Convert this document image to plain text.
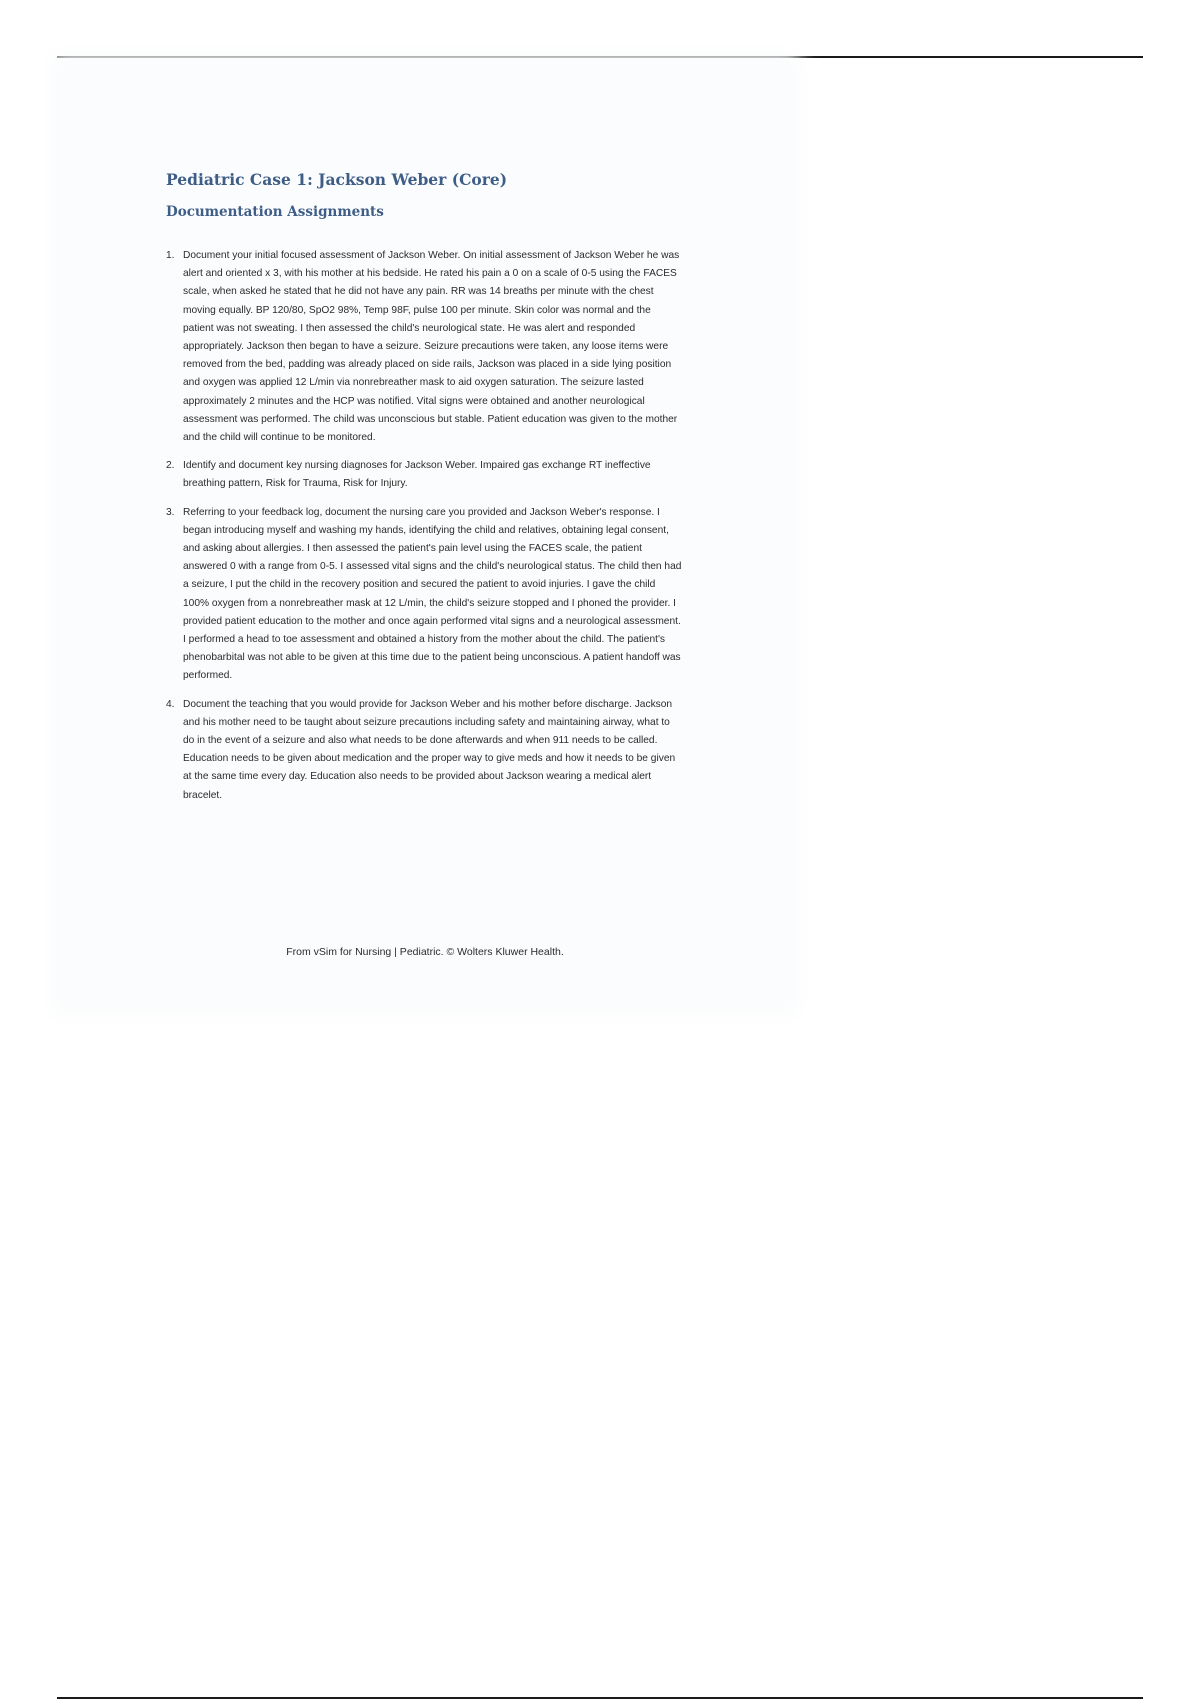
Pediatric Case 1: Jackson Weber (Core)
Documentation Assignments
1. Document your initial focused assessment of Jackson Weber. On initial assessment of Jackson Weber he was alert and oriented x 3, with his mother at his bedside. He rated his pain a 0 on a scale of 0-5 using the FACES scale, when asked he stated that he did not have any pain. RR was 14 breaths per minute with the chest moving equally. BP 120/80, SpO2 98%, Temp 98F, pulse 100 per minute. Skin color was normal and the patient was not sweating. I then assessed the child's neurological state. He was alert and responded appropriately. Jackson then began to have a seizure. Seizure precautions were taken, any loose items were removed from the bed, padding was already placed on side rails, Jackson was placed in a side lying position and oxygen was applied 12 L/min via nonrebreather mask to aid oxygen saturation. The seizure lasted approximately 2 minutes and the HCP was notified. Vital signs were obtained and another neurological assessment was performed. The child was unconscious but stable. Patient education was given to the mother and the child will continue to be monitored.
2. Identify and document key nursing diagnoses for Jackson Weber. Impaired gas exchange RT ineffective breathing pattern, Risk for Trauma, Risk for Injury.
3. Referring to your feedback log, document the nursing care you provided and Jackson Weber's response. I began introducing myself and washing my hands, identifying the child and relatives, obtaining legal consent, and asking about allergies. I then assessed the patient's pain level using the FACES scale, the patient answered 0 with a range from 0-5. I assessed vital signs and the child's neurological status. The child then had a seizure, I put the child in the recovery position and secured the patient to avoid injuries. I gave the child 100% oxygen from a nonrebreather mask at 12 L/min, the child's seizure stopped and I phoned the provider. I provided patient education to the mother and once again performed vital signs and a neurological assessment. I performed a head to toe assessment and obtained a history from the mother about the child. The patient's phenobarbital was not able to be given at this time due to the patient being unconscious. A patient handoff was performed.
4. Document the teaching that you would provide for Jackson Weber and his mother before discharge. Jackson and his mother need to be taught about seizure precautions including safety and maintaining airway, what to do in the event of a seizure and also what needs to be done afterwards and when 911 needs to be called. Education needs to be given about medication and the proper way to give meds and how it needs to be given at the same time every day. Education also needs to be provided about Jackson wearing a medical alert bracelet.
From vSim for Nursing | Pediatric. © Wolters Kluwer Health.
